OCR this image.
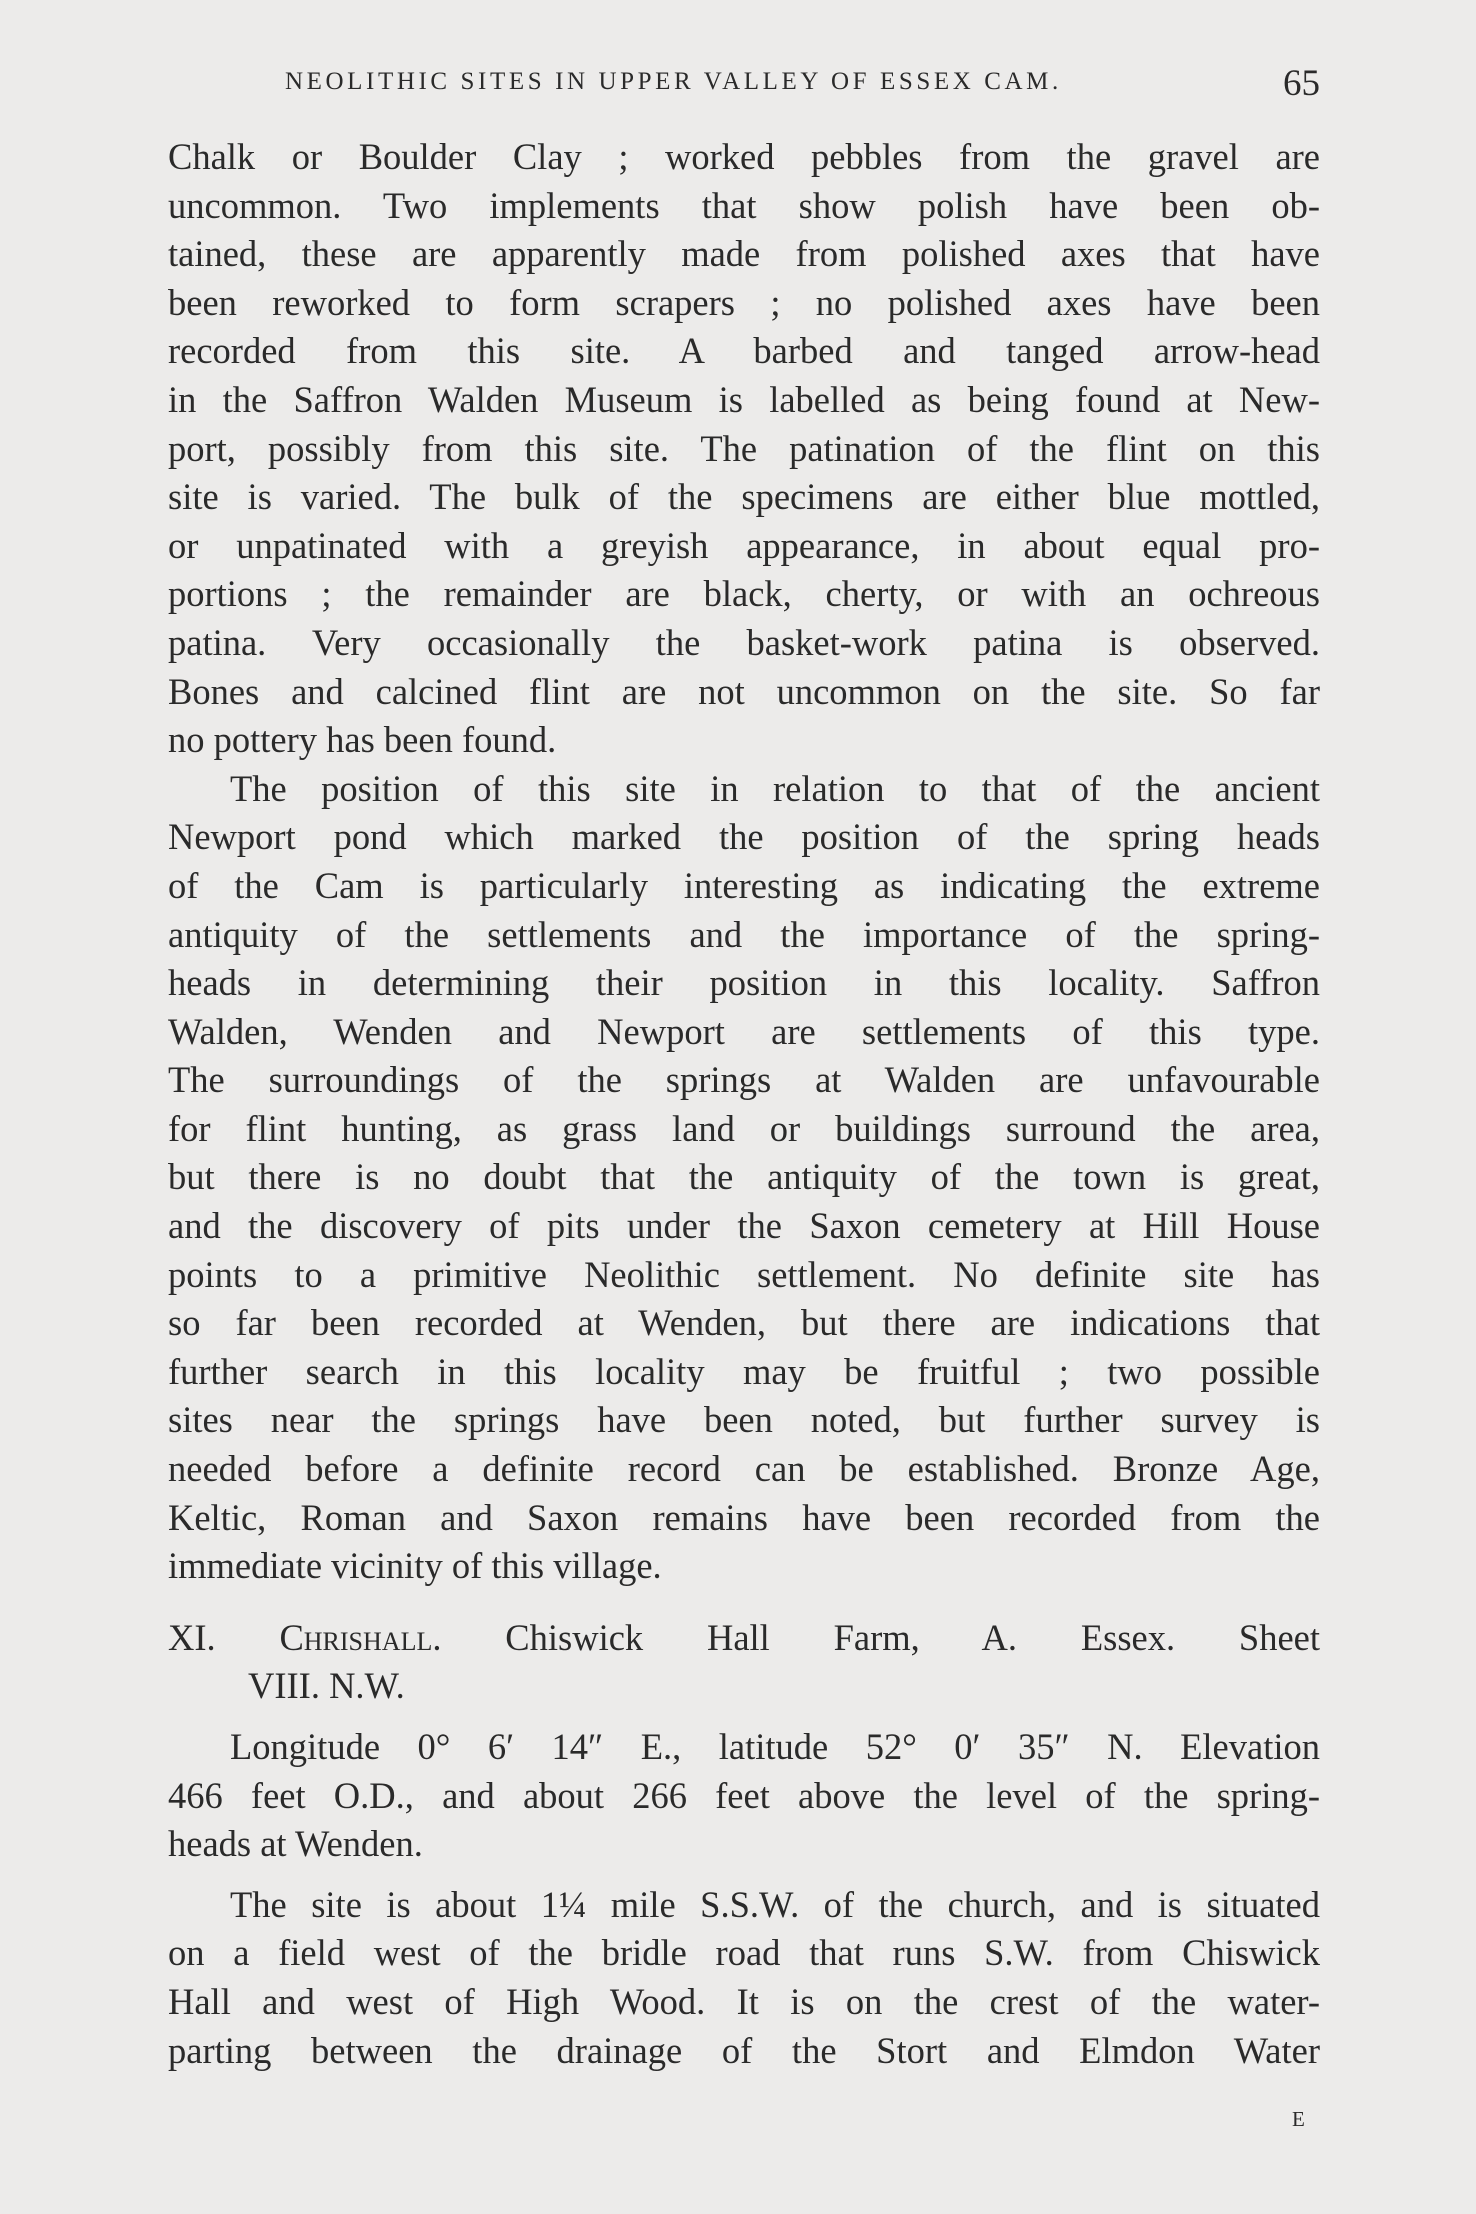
NEOLITHIC SITES IN UPPER VALLEY OF ESSEX CAM.	65
Chalk or Boulder Clay ; worked pebbles from the gravel are
uncommon. Two implements that show polish have been ob-
tained, these are apparently made from polished axes that have
been reworked to form scrapers ; no polished axes have been
recorded from this site. A barbed and tanged arrow-head
in the Saffron Walden Museum is labelled as being found at New-
port, possibly from this site. The patination of the flint on this
site is varied. The bulk of the specimens are either blue mottled,
or unpatinated with a greyish appearance, in about equal pro-
portions ; the remainder are black, cherty, or with an ochreous
patina. Very occasionally the basket-work patina is observed.
Bones and calcined flint are not uncommon on the site. So far
no pottery has been found.
The position of this site in relation to that of the ancient
Newport pond which marked the position of the spring heads
of the Cam is particularly interesting as indicating the extreme
antiquity of the settlements and the importance of the spring-
heads in determining their position in this locality. Saffron
Walden, Wenden and Newport are settlements of this type.
The surroundings of the springs at Walden are unfavourable
for flint hunting, as grass land or buildings surround the area,
but there is no doubt that the antiquity of the town is great,
and the discovery of pits under the Saxon cemetery at Hill House
points to a primitive Neolithic settlement. No definite site has
so far been recorded at Wenden, but there are indications that
further search in this locality may be fruitful ; two possible
sites near the springs have been noted, but further survey is
needed before a definite record can be established. Bronze Age,
Keltic, Roman and Saxon remains have been recorded from the
immediate vicinity of this village.
XI. Chrishall. Chiswick Hall Farm, A. Essex. Sheet
VIII. N.W.
Longitude 0° 6′ 14″ E., latitude 52° 0′ 35″ N. Elevation
466 feet O.D., and about 266 feet above the level of the spring-
heads at Wenden.
The site is about 1¼ mile S.S.W. of the church, and is situated
on a field west of the bridle road that runs S.W. from Chiswick
Hall and west of High Wood. It is on the crest of the water-
parting between the drainage of the Stort and Elmdon Water
E
